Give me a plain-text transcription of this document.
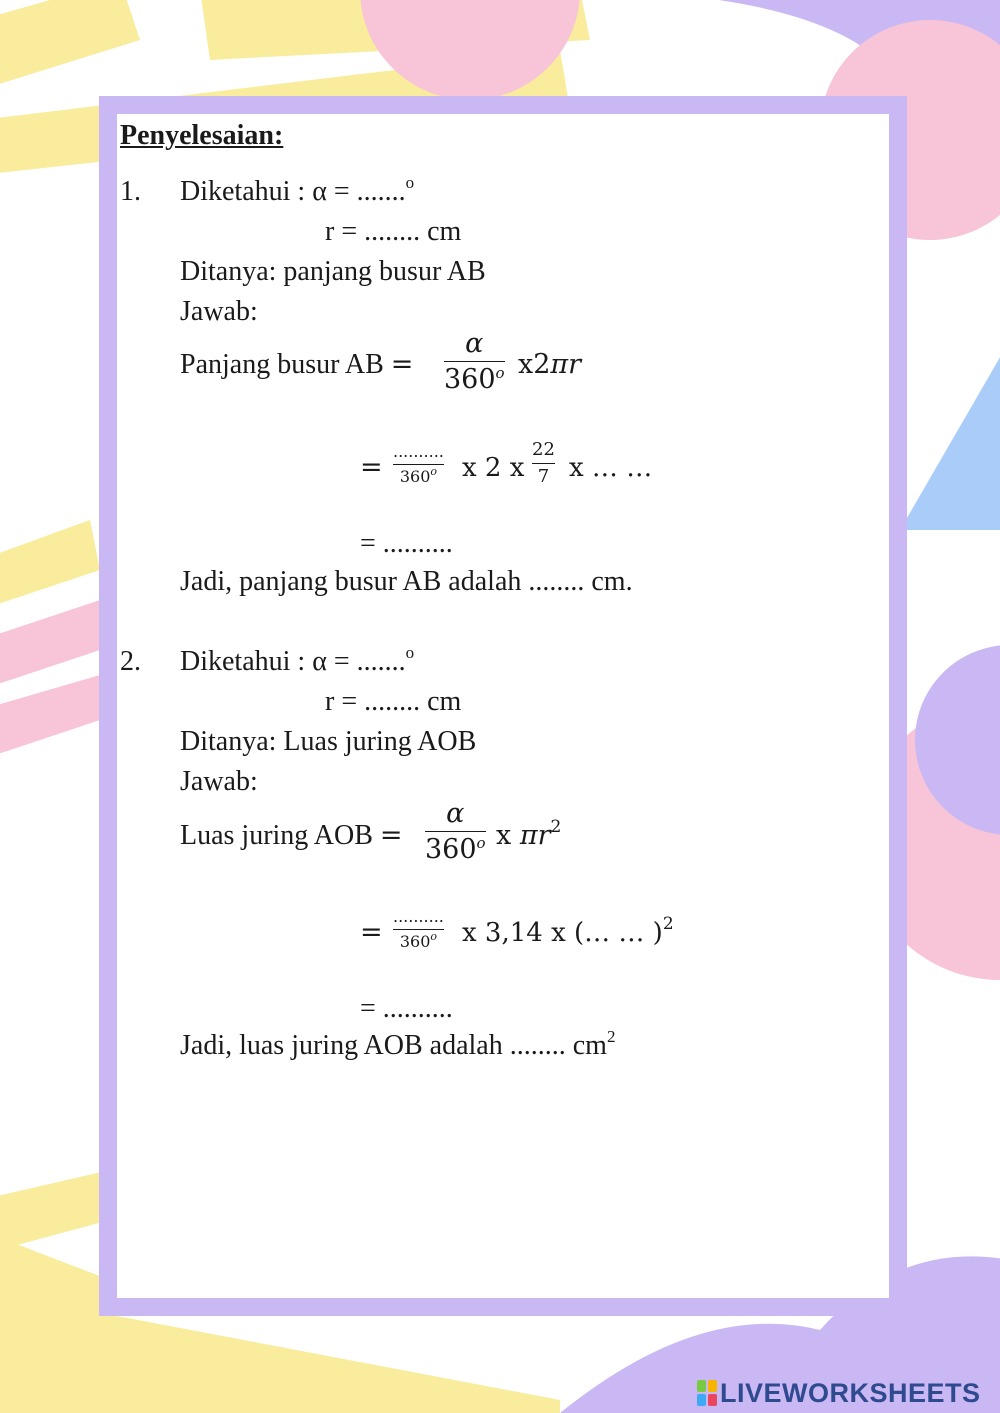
Penyelesaian:
1. Diketahui : α = .......$^o$
r = ........ cm
Ditanya: panjang busur AB
Jawab:
Panjang busur AB =
α
360$^o$ x2πr
=
..........
360$^o$ x 2 x
22
7 x … …
= ..........
Jadi, panjang busur AB adalah ........ cm.
2. Diketahui : α = .......$^o$
r = ........ cm
Ditanya: Luas juring AOB
Jawab:
Luas juring AOB =
α
360$^o$ x $\pi r^2$
=
..........
360$^o$ x 3,14 x (… … )$^2$
= ..........
Jadi, luas juring AOB adalah ........ $cm^2$
LIVEWORKSHEETS
